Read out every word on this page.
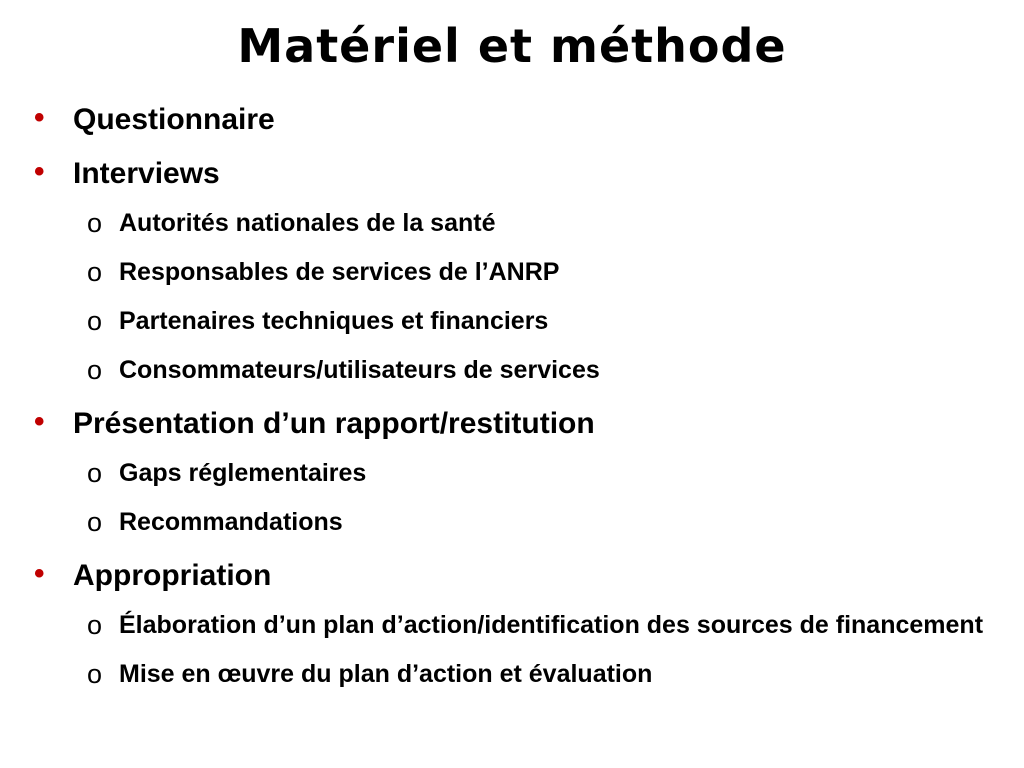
Matériel et méthode
• Questionnaire
• Interviews
o Autorités nationales de la santé
o Responsables de services de l’ANRP
o Partenaires techniques et financiers
o Consommateurs/utilisateurs de services
• Présentation d’un rapport/restitution
o Gaps réglementaires
o Recommandations
• Appropriation
o Élaboration d’un plan d’action/identification des sources de financement
o Mise en œuvre du plan d’action et évaluation
